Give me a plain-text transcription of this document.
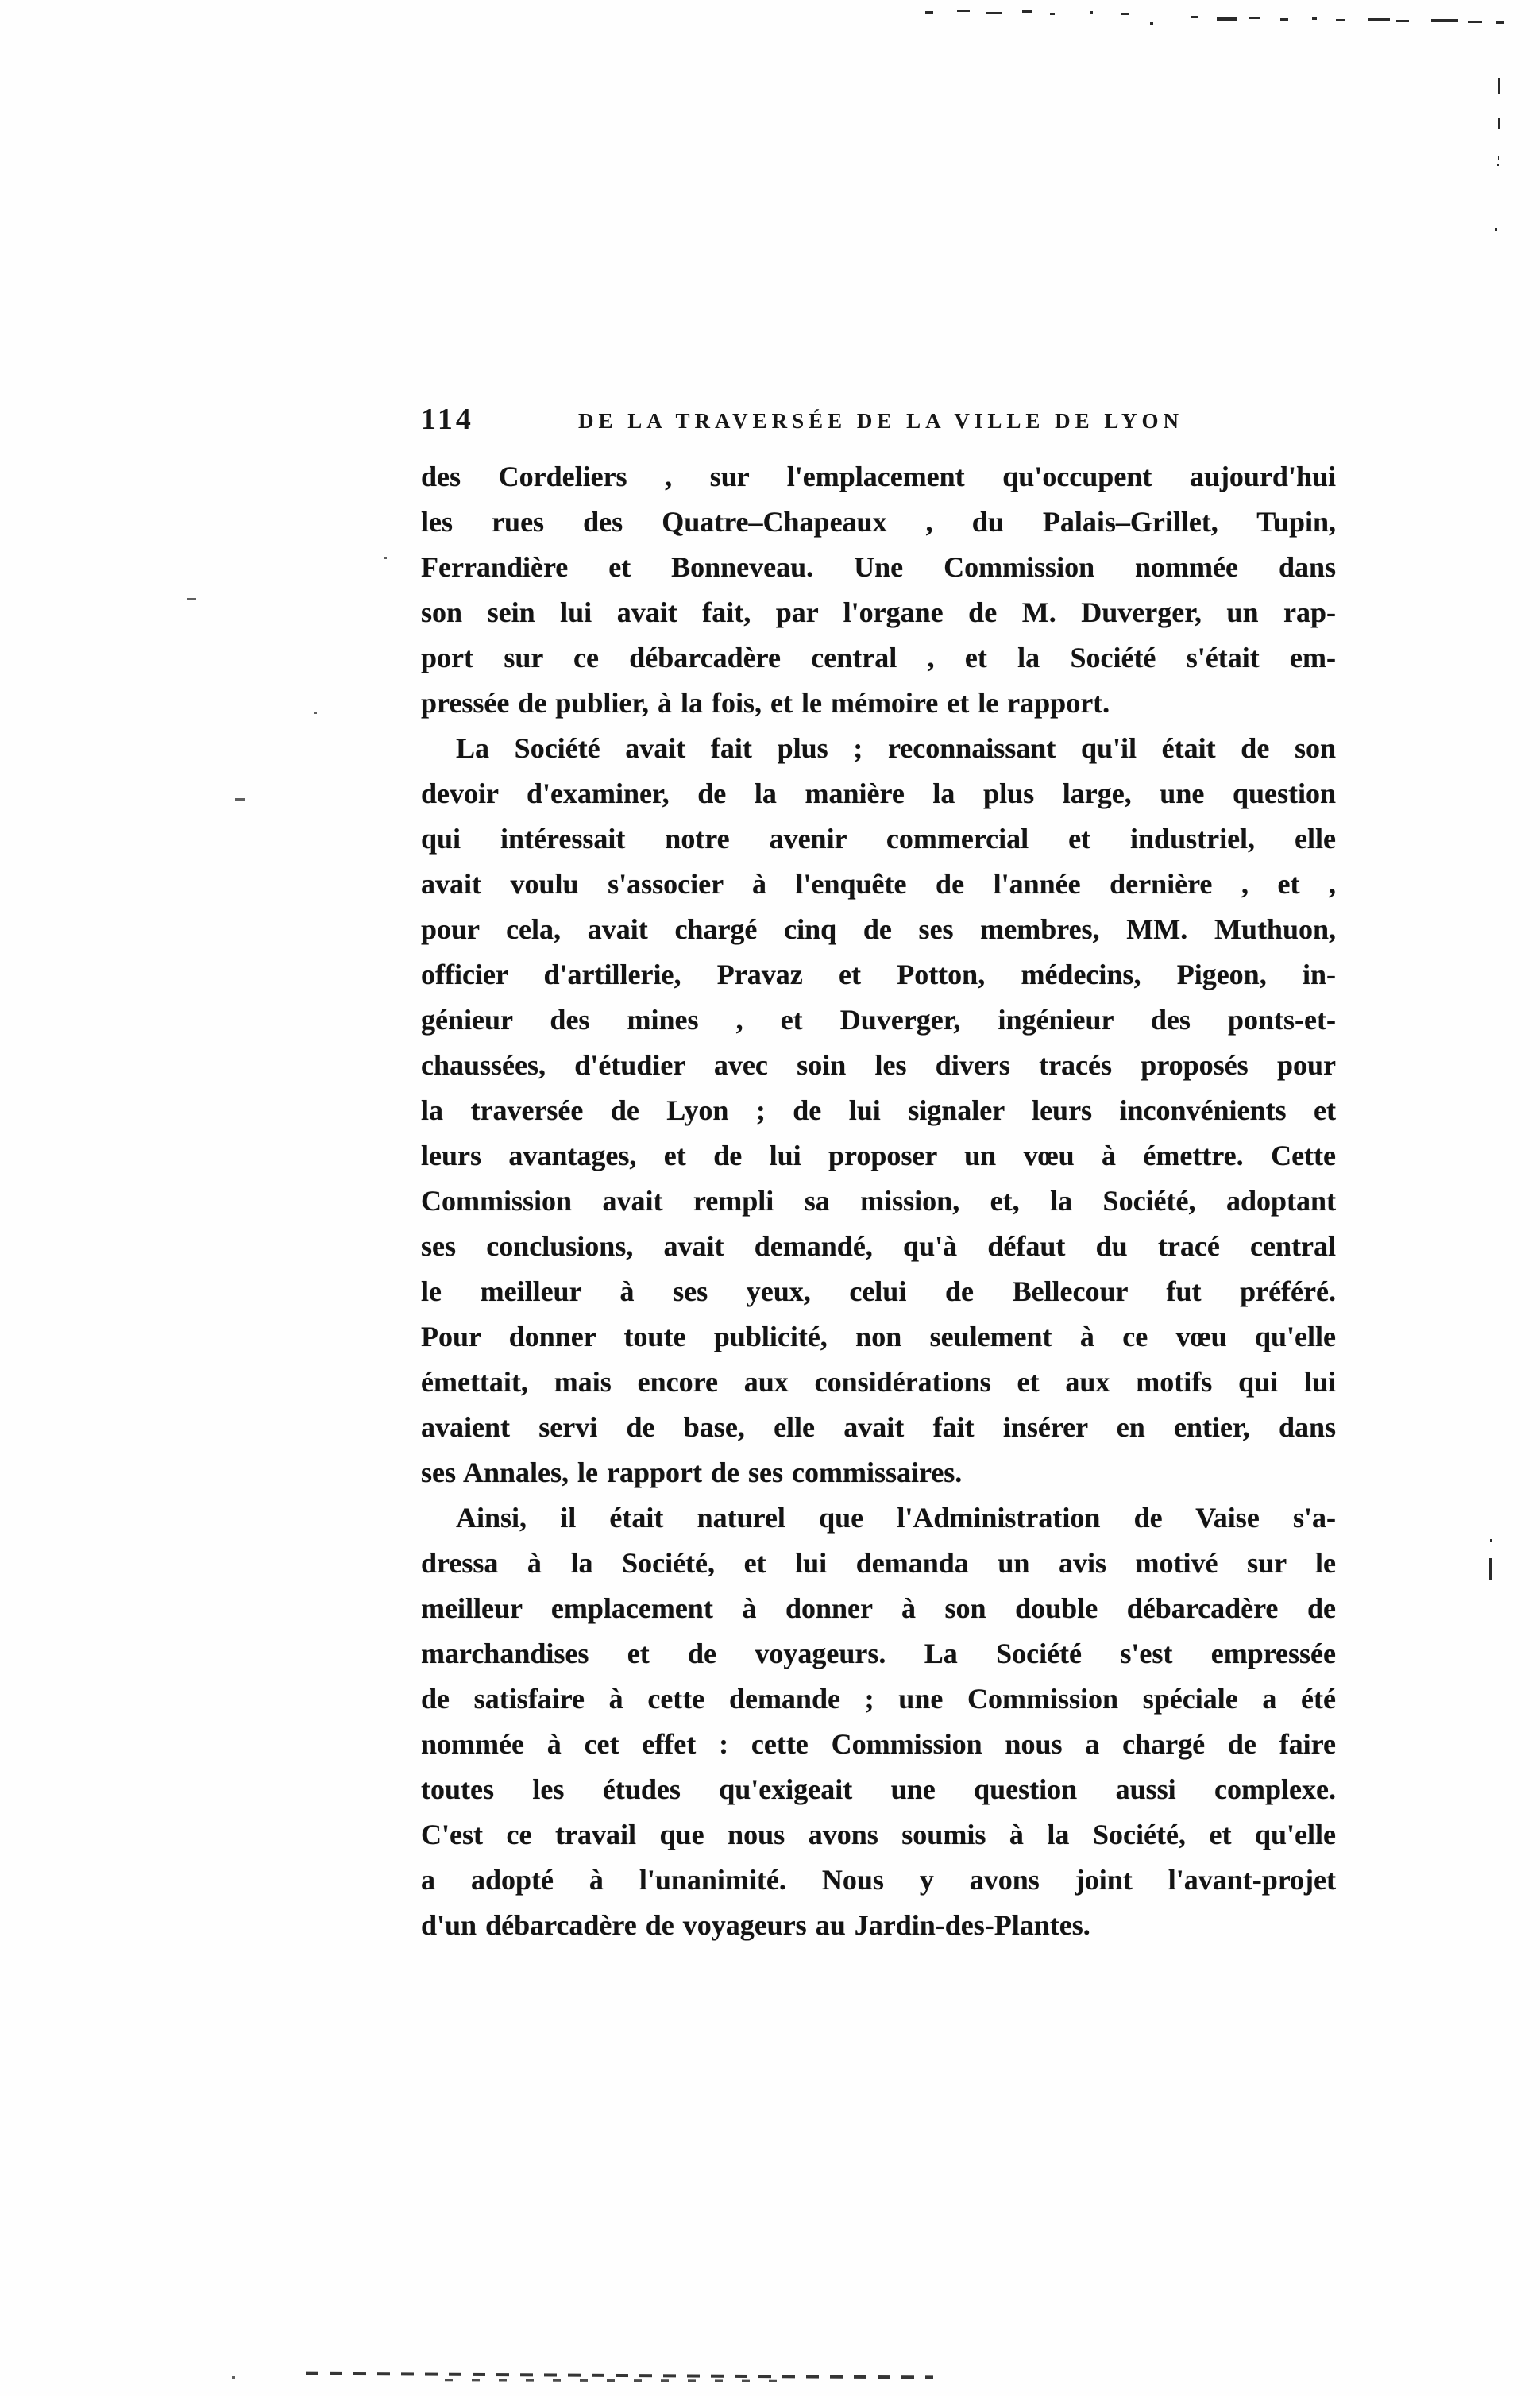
114	DE LA TRAVERSÉE DE LA VILLE DE LYON
des Cordeliers , sur l'emplacement qu'occupent aujourd'hui
les rues des Quatre–Chapeaux , du Palais–Grillet, Tupin,
Ferrandière et Bonneveau. Une Commission nommée dans
son sein lui avait fait, par l'organe de M. Duverger, un rap-
port sur ce débarcadère central , et la Société s'était em-
pressée de publier, à la fois, et le mémoire et le rapport.
La Société avait fait plus ; reconnaissant qu'il était de son
devoir d'examiner, de la manière la plus large, une question
qui intéressait notre avenir commercial et industriel, elle
avait voulu s'associer à l'enquête de l'année dernière , et ,
pour cela, avait chargé cinq de ses membres, MM. Muthuon,
officier d'artillerie, Pravaz et Potton, médecins, Pigeon, in-
génieur des mines , et Duverger, ingénieur des ponts-et-
chaussées, d'étudier avec soin les divers tracés proposés pour
la traversée de Lyon ; de lui signaler leurs inconvénients et
leurs avantages, et de lui proposer un vœu à émettre. Cette
Commission avait rempli sa mission, et, la Société, adoptant
ses conclusions, avait demandé, qu'à défaut du tracé central
le meilleur à ses yeux, celui de Bellecour fut préféré.
Pour donner toute publicité, non seulement à ce vœu qu'elle
émettait, mais encore aux considérations et aux motifs qui lui
avaient servi de base, elle avait fait insérer en entier, dans
ses Annales, le rapport de ses commissaires.
Ainsi, il était naturel que l'Administration de Vaise s'a-
dressa à la Société, et lui demanda un avis motivé sur le
meilleur emplacement à donner à son double débarcadère de
marchandises et de voyageurs. La Société s'est empressée
de satisfaire à cette demande ; une Commission spéciale a été
nommée à cet effet : cette Commission nous a chargé de faire
toutes les études qu'exigeait une question aussi complexe.
C'est ce travail que nous avons soumis à la Société, et qu'elle
a adopté à l'unanimité. Nous y avons joint l'avant-projet
d'un débarcadère de voyageurs au Jardin-des-Plantes.
